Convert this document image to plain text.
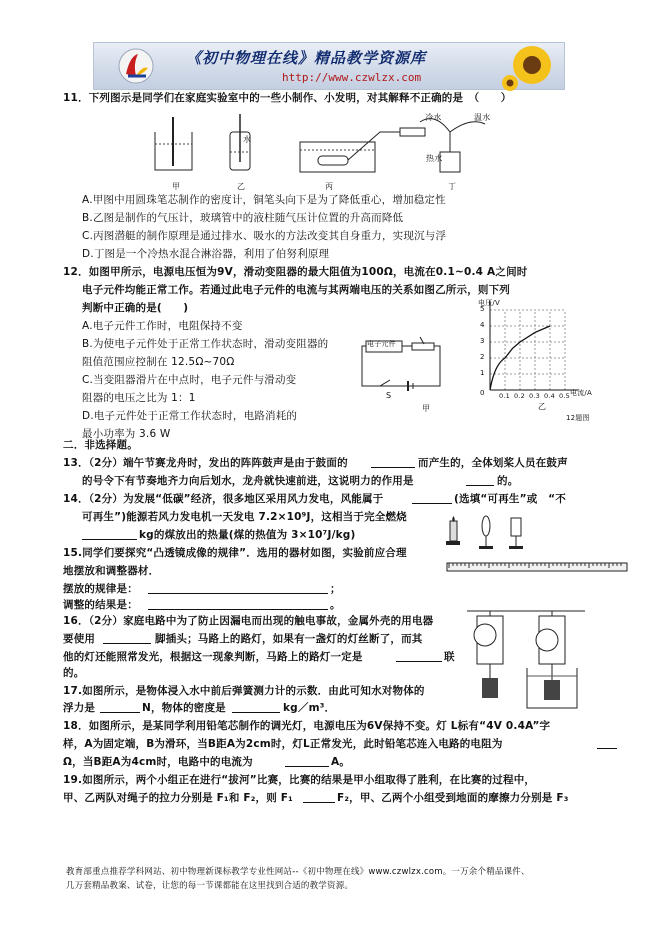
《初中物理在线》精品教学资源库
http://www.czwlzx.com
11．下列图示是同学们在家庭实验室中的一些小制作、小发明，对其解释不正确的是　（　　）
水
冷水	温水
热水
甲	乙	丙	丁
A.甲图中用圆珠笔芯制作的密度计，铜笔头向下是为了降低重心，增加稳定性
B.乙图是制作的气压计，玻璃管中的液柱随气压计位置的升高而降低
C.丙图潜艇的制作原理是通过排水、吸水的方法改变其自身重力，实现沉与浮
D.丁图是一个冷热水混合淋浴器，利用了伯努利原理
12．如图甲所示，电源电压恒为9V，滑动变阻器的最大阻值为100Ω，电流在0.1~0.4 A之间时
电子元件均能正常工作。若通过此电子元件的电流与其两端电压的关系如图乙所示，则下列
判断中正确的是(　　)
A.电子元件工作时，电阻保持不变
B.为使电子元件处于正常工作状态时，滑动变阻器的
阻值范围应控制在 12.5Ω~70Ω
C.当变阻器滑片在中点时，电子元件与滑动变
阻器的电压之比为 1：1
D.电子元件处于正常工作状态时，电路消耗的
最小功率为 3.6 W
电子元件
S
甲
电压/V
电流/A
0
乙
12题图
二．非选择题。
13．（2分）端午节赛龙舟时，发出的阵阵鼓声是由于鼓面的	而产生的，全体划桨人员在鼓声
的号令下有节奏地齐力向后划水，龙舟就快速前进，这说明力的作用是	的。
14．（2分）为发展“低碳”经济，很多地区采用风力发电，风能属于	(选填“可再生”或　“不
可再生”)能源若风力发电机一天发电 7.2×10⁹J，这相当于完全燃烧
kg的煤放出的热量(煤的热值为 3×10⁷J/kg)
15.同学们要探究“凸透镜成像的规律”．选用的器材如图，实验前应合理
地摆放和调整器材．
摆放的规律是：	；
调整的结果是：	。
16．（2分）家庭电路中为了防止因漏电而出现的触电事故，金属外壳的用电器
要使用	脚插头；马路上的路灯，如果有一盏灯的灯丝断了，而其
他的灯还能照常发光，根据这一现象判断，马路上的路灯一定是	联
的。
17.如图所示，是物体浸入水中前后弹簧测力计的示数．由此可知水对物体的
浮力是	N，物体的密度是	kg／m³．
18．如图所示，是某同学利用铅笔芯制作的调光灯，电源电压为6V保持不变。灯 L标有“4V 0.4A”字
样，A为固定端，B为滑环，当B距A为2cm时，灯L正常发光，此时铅笔芯连入电路的电阻为
Ω，当B距A为4cm时，电路中的电流为	A。
19.如图所示，两个小组正在进行“拔河”比赛，比赛的结果是甲小组取得了胜利，在比赛的过程中，
甲、乙两队对绳子的拉力分别是 F₁和 F₂，则 F₁	F₂，甲、乙两个小组受到地面的摩擦力分别是 F₃
教育部重点推荐学科网站、初中物理新课标教学专业性网站--《初中物理在线》www.czwlzx.com。一万余个精品课件、
几万套精品教案、试卷，让您的每一节课都能在这里找到合适的教学资源。
1
2
3
4
5
0.1 0.2 0.3 0.4 0.5
